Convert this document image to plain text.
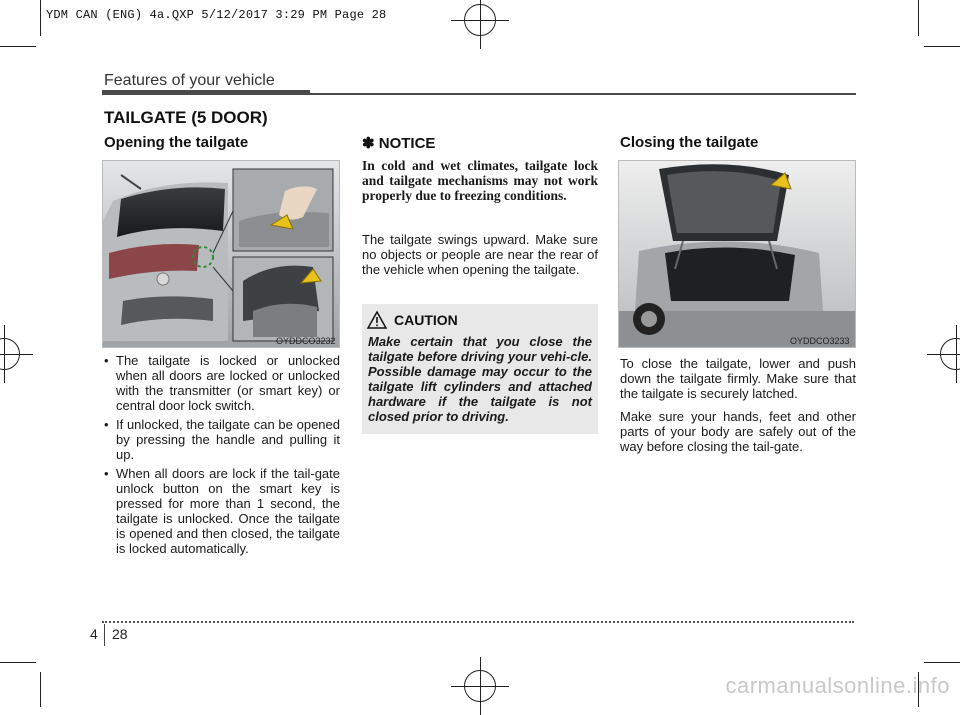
YDM CAN (ENG) 4a.QXP 5/12/2017 3:29 PM Page 28
Features of your vehicle
TAILGATE (5 DOOR)
Opening the tailgate
OYDDCO3232
• The tailgate is locked or unlocked when all doors are locked or unlocked with the transmitter (or smart key) or central door lock switch.
• If unlocked, the tailgate can be opened by pressing the handle and pulling it up.
• When all doors are lock if the tail-gate unlock button on the smart key is pressed for more than 1 second, the tailgate is unlocked. Once the tailgate is opened and then closed, the tailgate is locked automatically.
✽ NOTICE
In cold and wet climates, tailgate lock and tailgate mechanisms may not work properly due to freezing conditions.
The tailgate swings upward. Make sure no objects or people are near the rear of the vehicle when opening the tailgate.
CAUTION
Make certain that you close the tailgate before driving your vehi-cle. Possible damage may occur to the tailgate lift cylinders and attached hardware if the tailgate is not closed prior to driving.
Closing the tailgate
OYDDCO3233

To close the tailgate, lower and push down the tailgate firmly. Make sure that the tailgate is securely latched.

Make sure your hands, feet and other parts of your body are safely out of the way before closing the tail-gate.

4 28
carmanualsonline.info
